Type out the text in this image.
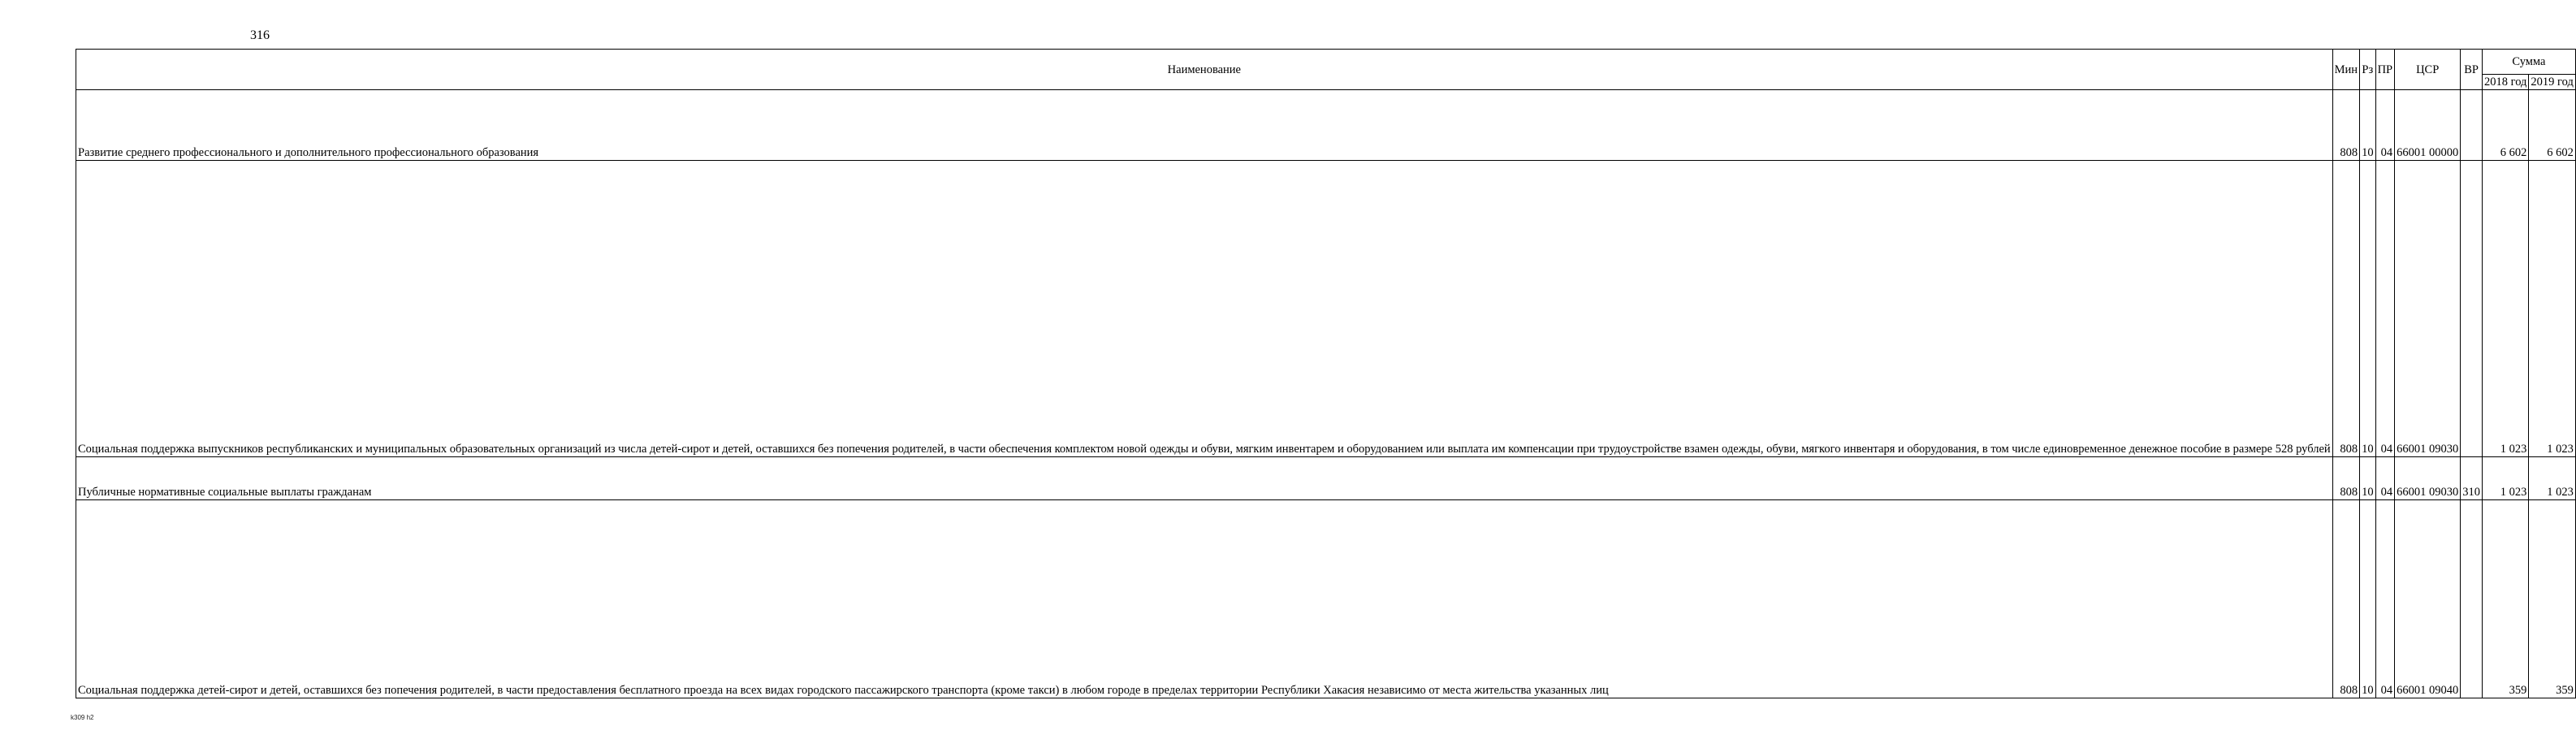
316
Наименование	Мин	Рз	ПР	ЦСР	ВР	Сумма	
						2018 год	2019 год
Развитие среднего профессионального и дополнительного профессионального образования	808	10	04	66001 00000		6 602	6 602
Социальная поддержка выпускников республиканских и муниципальных образовательных организаций из числа детей-сирот и детей, оставшихся без попечения родителей, в части обеспечения комплектом новой одежды и обуви, мягким инвентарем и оборудованием или выплата им компенсации при трудоустройстве взамен одежды, обуви, мягкого инвентаря и оборудования, в том числе единовременное денежное пособие в размере 528 рублей	808	10	04	66001 09030		1 023	1 023
Публичные нормативные социальные выплаты гражданам	808	10	04	66001 09030	310	1 023	1 023
Социальная поддержка детей-сирот и детей, оставшихся без попечения родителей, в части предоставления бесплатного проезда на всех видах городского пассажирского транспорта (кроме такси) в любом городе в пределах территории Республики Хакасия независимо от места жительства указанных лиц	808	10	04	66001 09040		359	359
k309 h2
